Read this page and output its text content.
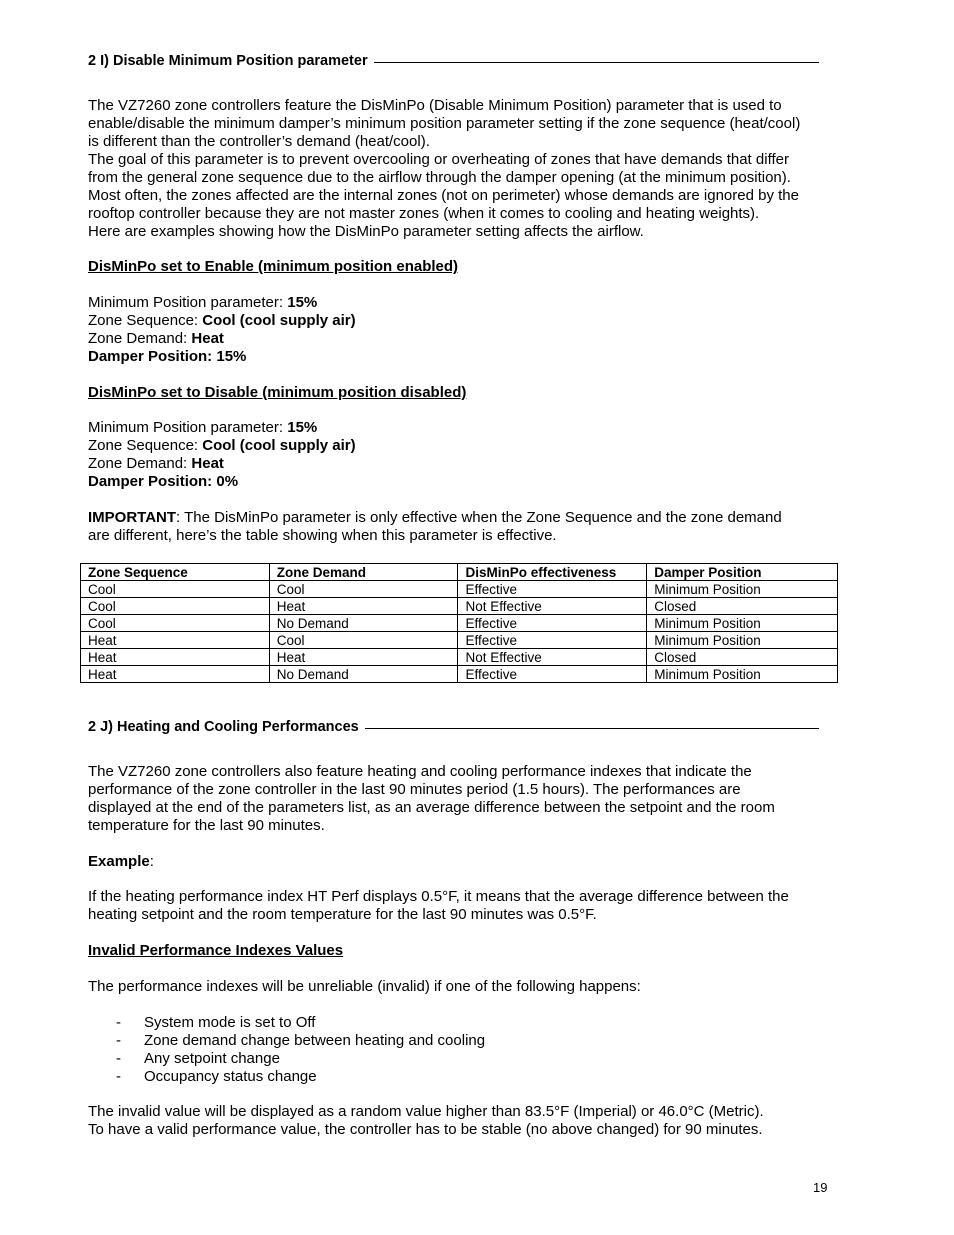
2 I) Disable Minimum Position parameter

The VZ7260 zone controllers feature the DisMinPo (Disable Minimum Position) parameter that is used to

enable/disable the minimum damper’s minimum position parameter setting if the zone sequence (heat/cool)

is different than the controller’s demand (heat/cool).

The goal of this parameter is to prevent overcooling or overheating of zones that have demands that differ

from the general zone sequence due to the airflow through the damper opening (at the minimum position).

Most often, the zones affected are the internal zones (not on perimeter) whose demands are ignored by the

rooftop controller because they are not master zones (when it comes to cooling and heating weights).

Here are examples showing how the DisMinPo parameter setting affects the airflow.

DisMinPo set to Enable (minimum position enabled)

Minimum Position parameter: 15%

Zone Sequence: Cool (cool supply air)

Zone Demand: Heat

Damper Position: 15%

DisMinPo set to Disable (minimum position disabled)

Minimum Position parameter: 15%

Zone Sequence: Cool (cool supply air)

Zone Demand: Heat

Damper Position: 0%

IMPORTANT: The DisMinPo parameter is only effective when the Zone Sequence and the zone demand

are different, here’s the table showing when this parameter is effective.

Zone Sequence	Zone Demand	DisMinPo effectiveness	Damper Position
Cool	Cool	Effective	Minimum Position
Cool	Heat	Not Effective	Closed
Cool	No Demand	Effective	Minimum Position
Heat	Cool	Effective	Minimum Position
Heat	Heat	Not Effective	Closed
Heat	No Demand	Effective	Minimum Position
2 J) Heating and Cooling Performances

The VZ7260 zone controllers also feature heating and cooling performance indexes that indicate the

performance of the zone controller in the last 90 minutes period (1.5 hours). The performances are

displayed at the end of the parameters list, as an average difference between the setpoint and the room

temperature for the last 90 minutes.

Example:

If the heating performance index HT Perf displays 0.5°F, it means that the average difference between the

heating setpoint and the room temperature for the last 90 minutes was 0.5°F.

Invalid Performance Indexes Values

The performance indexes will be unreliable (invalid) if one of the following happens:

- System mode is set to Off
- Zone demand change between heating and cooling
- Any setpoint change
- Occupancy status change

The invalid value will be displayed as a random value higher than 83.5°F (Imperial) or 46.0°C (Metric).

To have a valid performance value, the controller has to be stable (no above changed) for 90 minutes.

19
